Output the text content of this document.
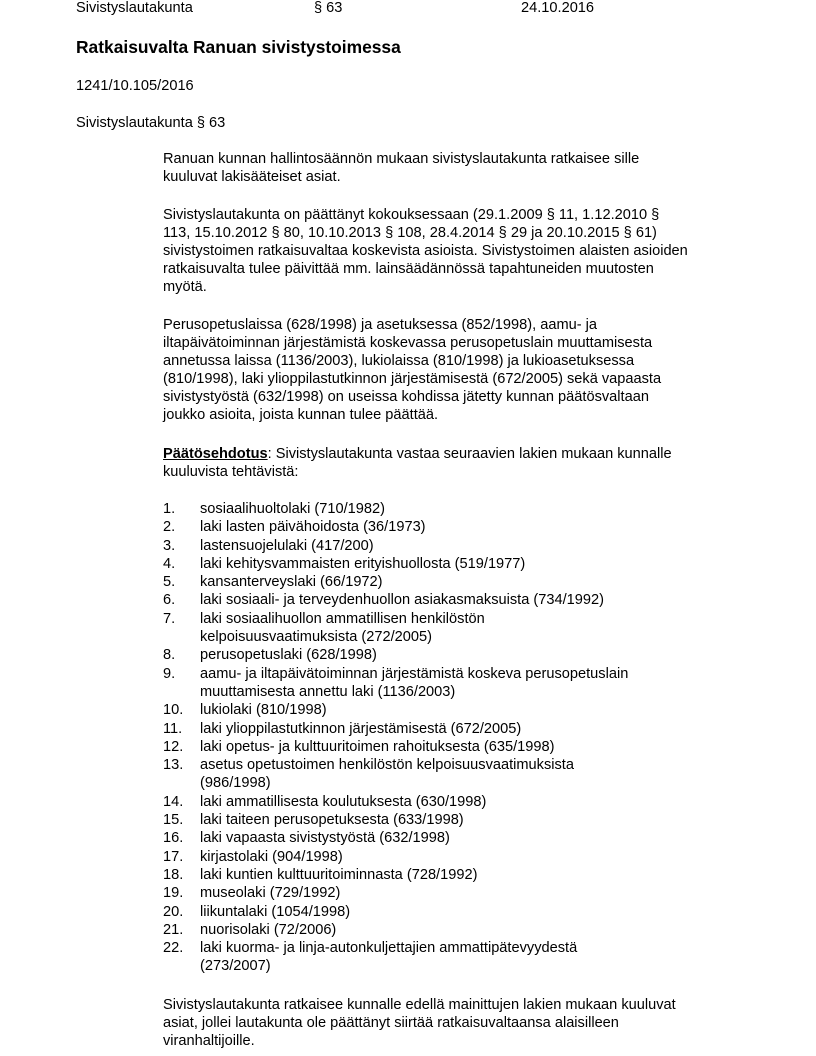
Sivistyslautakunta	§ 63	24.10.2016
Ratkaisuvalta Ranuan sivistystoimessa
1241/10.105/2016
Sivistyslautakunta § 63
Ranuan kunnan hallintosäännön mukaan sivistyslautakunta ratkaisee sille
kuuluvat lakisääteiset asiat.
Sivistyslautakunta on päättänyt kokouksessaan (29.1.2009 § 11, 1.12.2010 §
113, 15.10.2012 § 80, 10.10.2013 § 108, 28.4.2014 § 29 ja 20.10.2015 § 61)
sivistystoimen ratkaisuvaltaa koskevista asioista. Sivistystoimen alaisten asioiden
ratkaisuvalta tulee päivittää mm. lainsäädännössä tapahtuneiden muutosten
myötä.
Perusopetuslaissa (628/1998) ja asetuksessa (852/1998), aamu- ja
iltapäivätoiminnan järjestämistä koskevassa perusopetuslain muuttamisesta
annetussa laissa (1136/2003), lukiolaissa (810/1998) ja lukioasetuksessa
(810/1998), laki ylioppilastutkinnon järjestämisestä (672/2005) sekä vapaasta
sivistystyöstä (632/1998) on useissa kohdissa jätetty kunnan päätösvaltaan
joukko asioita, joista kunnan tulee päättää.
Päätösehdotus: Sivistyslautakunta vastaa seuraavien lakien mukaan kunnalle
kuuluvista tehtävistä:
1.	sosiaalihuoltolaki (710/1982)
2.	laki lasten päivähoidosta (36/1973)
3.	lastensuojelulaki (417/200)
4.	laki kehitysvammaisten erityishuollosta (519/1977)
5.	kansanterveyslaki (66/1972)
6.	laki sosiaali- ja terveydenhuollon asiakasmaksuista (734/1992)
7.	laki sosiaalihuollon ammatillisen henkilöstön
kelpoisuusvaatimuksista (272/2005)
8.	perusopetuslaki (628/1998)
9.	aamu- ja iltapäivätoiminnan järjestämistä koskeva perusopetuslain
muuttamisesta annettu laki (1136/2003)
10.	lukiolaki (810/1998)
11.	laki ylioppilastutkinnon järjestämisestä (672/2005)
12.	laki opetus- ja kulttuuritoimen rahoituksesta (635/1998)
13.	asetus opetustoimen henkilöstön kelpoisuusvaatimuksista
(986/1998)
14.	laki ammatillisesta koulutuksesta (630/1998)
15.	laki taiteen perusopetuksesta (633/1998)
16.	laki vapaasta sivistystyöstä (632/1998)
17.	kirjastolaki (904/1998)
18.	laki kuntien kulttuuritoiminnasta (728/1992)
19.	museolaki (729/1992)
20.	liikuntalaki (1054/1998)
21.	nuorisolaki (72/2006)
22.	laki kuorma- ja linja-autonkuljettajien ammattipätevyydestä
(273/2007)
Sivistyslautakunta ratkaisee kunnalle edellä mainittujen lakien mukaan kuuluvat
asiat, jollei lautakunta ole päättänyt siirtää ratkaisuvaltaansa alaisilleen
viranhaltijoille.
